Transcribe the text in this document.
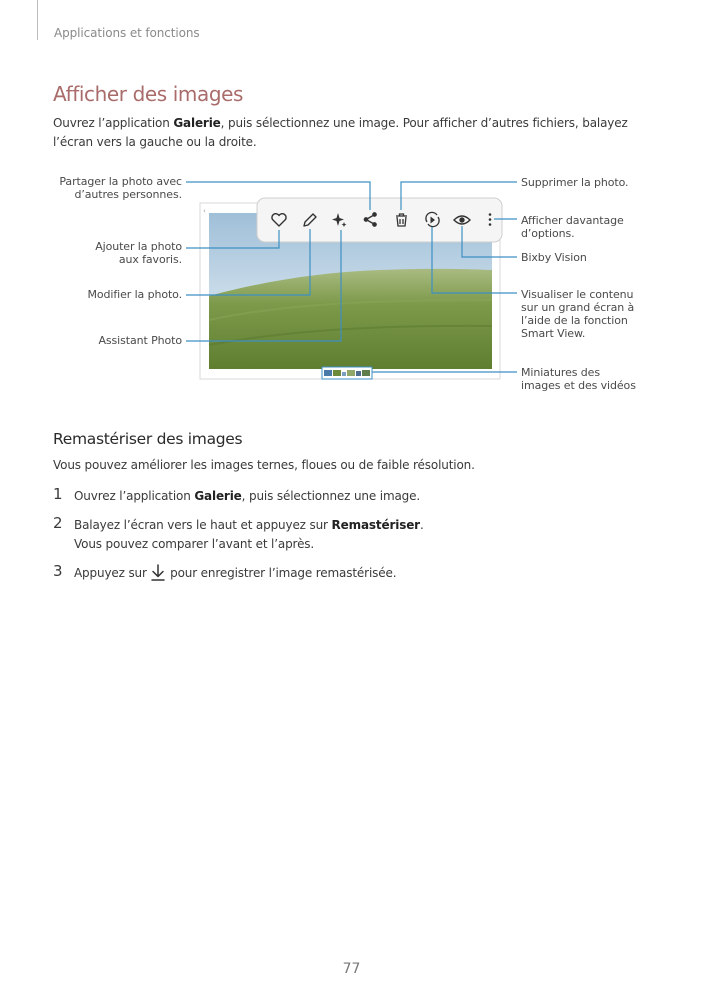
Applications et fonctions
Afficher des images
Ouvrez l’application Galerie, puis sélectionnez une image. Pour afficher d’autres fichiers, balayez l’écran vers la gauche ou la droite.
‹
Partager la photo avec
d’autres personnes.
Ajouter la photo
aux favoris.
Modifier la photo.
Assistant Photo
Supprimer la photo.
Afficher davantage
d’options.
Bixby Vision
Visualiser le contenu
sur un grand écran à
l’aide de la fonction
Smart View.
Miniatures des
images et des vidéos
Remastériser des images
Vous pouvez améliorer les images ternes, floues ou de faible résolution.
1 Ouvrez l’application Galerie, puis sélectionnez une image.
2 Balayez l’écran vers le haut et appuyez sur Remastériser.
Vous pouvez comparer l’avant et l’après.
3 Appuyez sur  pour enregistrer l’image remastérisée.
77
